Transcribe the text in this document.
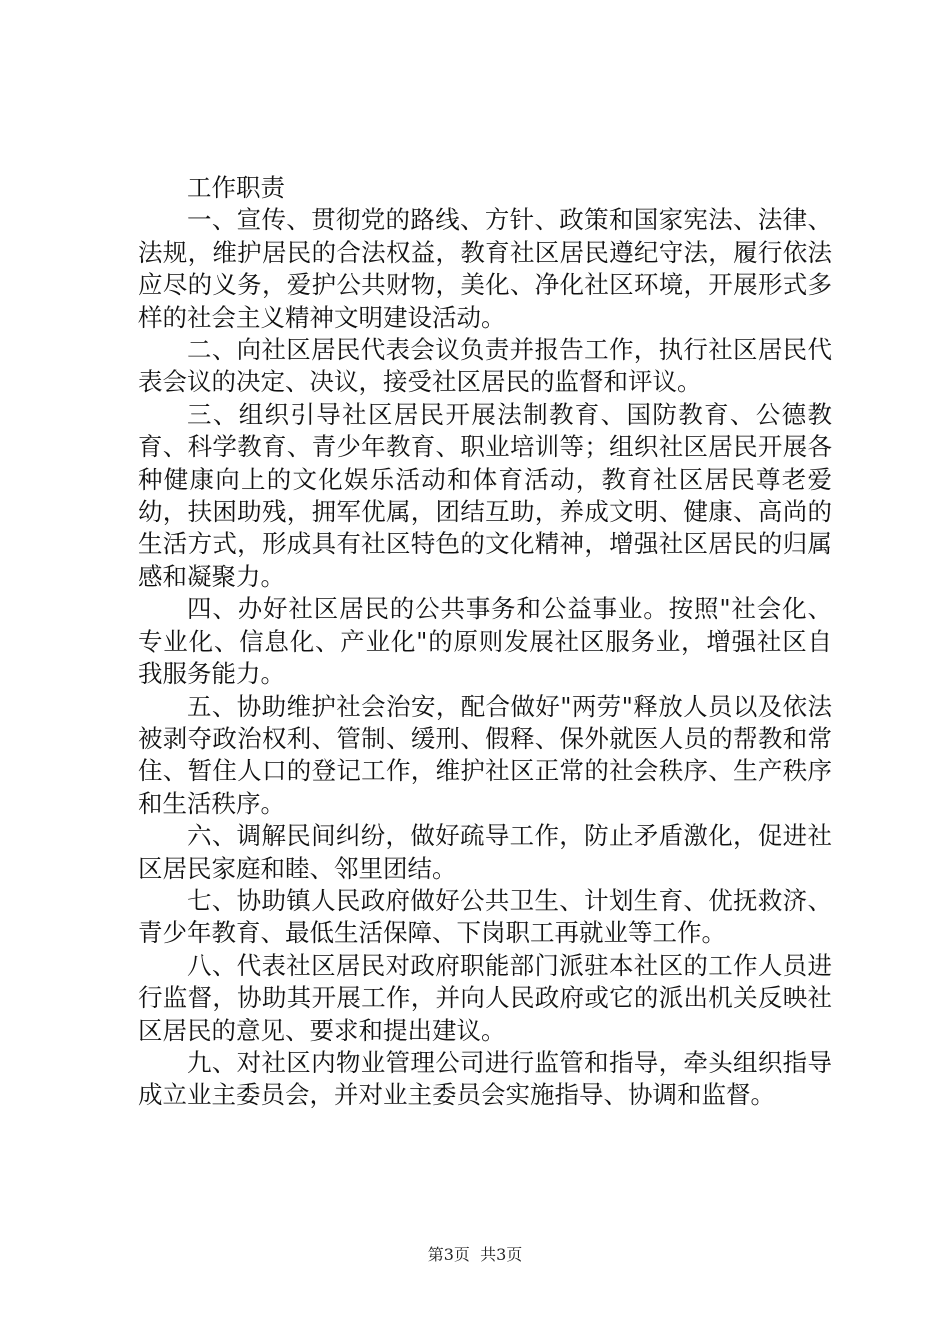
工作职责

一、宣传、贯彻党的路线、方针、政策和国家宪法、法律、法规，维护居民的合法权益，教育社区居民遵纪守法，履行依法应尽的义务，爱护公共财物，美化、净化社区环境，开展形式多样的社会主义精神文明建设活动。

二、向社区居民代表会议负责并报告工作，执行社区居民代表会议的决定、决议，接受社区居民的监督和评议。

三、组织引导社区居民开展法制教育、国防教育、公德教育、科学教育、青少年教育、职业培训等；组织社区居民开展各种健康向上的文化娱乐活动和体育活动，教育社区居民尊老爱幼，扶困助残，拥军优属，团结互助，养成文明、健康、高尚的生活方式，形成具有社区特色的文化精神，增强社区居民的归属感和凝聚力。

四、办好社区居民的公共事务和公益事业。按照"社会化、专业化、信息化、产业化"的原则发展社区服务业，增强社区自我服务能力。

五、协助维护社会治安，配合做好"两劳"释放人员以及依法被剥夺政治权利、管制、缓刑、假释、保外就医人员的帮教和常住、暂住人口的登记工作，维护社区正常的社会秩序、生产秩序和生活秩序。

六、调解民间纠纷，做好疏导工作，防止矛盾激化，促进社区居民家庭和睦、邻里团结。

七、协助镇人民政府做好公共卫生、计划生育、优抚救济、青少年教育、最低生活保障、下岗职工再就业等工作。

八、代表社区居民对政府职能部门派驻本社区的工作人员进行监督，协助其开展工作，并向人民政府或它的派出机关反映社区居民的意见、要求和提出建议。

九、对社区内物业管理公司进行监管和指导，牵头组织指导成立业主委员会，并对业主委员会实施指导、协调和监督。

第3页  共3页
